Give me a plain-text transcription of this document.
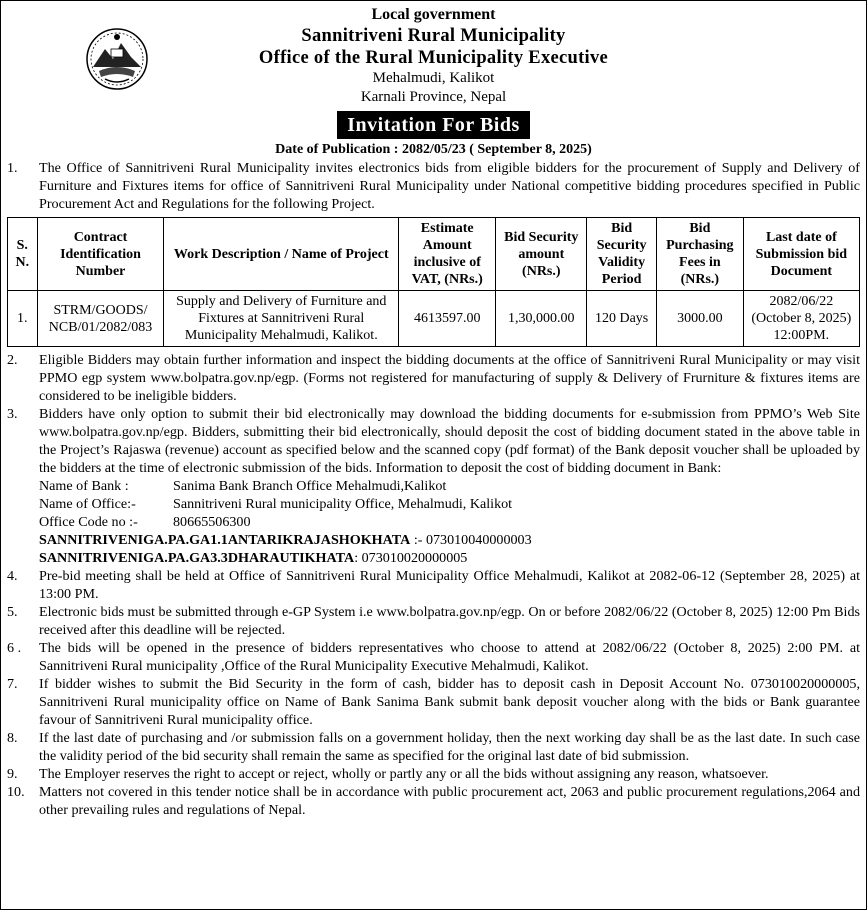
Local government
Sannitriveni Rural Municipality
Office of the Rural Municipality Executive
Mehalmudi, Kalikot
Karnali Province, Nepal
Invitation For Bids
Date of Publication : 2082/05/23 ( September 8, 2025)
1.	The Office of Sannitriveni Rural Municipality invites electronics bids from eligible bidders for the procurement of Supply and Delivery of Furniture and Fixtures items for office of Sannitriveni Rural Municipality under National competitive bidding procedures specified in Public Procurement Act and Regulations for the following Project.
S. N.	Contract Identification Number	Work Description / Name of Project	Estimate Amount inclusive of VAT, (NRs.)	Bid Security amount (NRs.)	Bid Security Validity Period	Bid Purchasing Fees in (NRs.)	Last date of Submission bid Document
1.	STRM/GOODS/ NCB/01/2082/083	Supply and Delivery of Furniture and Fixtures at Sannitriveni Rural Municipality Mehalmudi, Kalikot.	4613597.00	1,30,000.00	120 Days	3000.00	2082/06/22 (October 8, 2025) 12:00PM.
2.	Eligible Bidders may obtain further information and inspect the bidding documents at the office of Sannitriveni Rural Municipality or may visit PPMO egp system www.bolpatra.gov.np/egp. (Forms not registered for manufacturing of supply & Delivery of Frurniture & fixtures items are considered to be ineligible bidders.
3.	Bidders have only option to submit their bid electronically may download the bidding documents for e-submission from PPMO’s Web Site www.bolpatra.gov.np/egp. Bidders, submitting their bid electronically, should deposit the cost of bidding document stated in the above table in the Project’s Rajaswa (revenue) account as specified below and the scanned copy (pdf format) of the Bank deposit voucher shall be uploaded by the bidders at the time of electronic submission of the bids. Information to deposit the cost of bidding document in Bank:
Name of Bank :	Sanima Bank Branch Office Mehalmudi,Kalikot
Name of Office:-	Sannitriveni Rural municipality Office, Mehalmudi, Kalikot
Office Code no :-	80665506300
SANNITRIVENIGA.PA.GA1.1ANTARIKRAJASHOKHATA :- 073010040000003
SANNITRIVENIGA.PA.GA3.3DHARAUTIKHATA : 073010020000005
4.	Pre-bid meeting shall be held at Office of Sannitriveni Rural Municipality Office Mehalmudi, Kalikot at 2082-06-12 (September 28, 2025) at 13:00 PM.
5.	Electronic bids must be submitted through e-GP System i.e www.bolpatra.gov.np/egp. On or before 2082/06/22 (October 8, 2025) 12:00 Pm Bids received after this deadline will be rejected.
6 .	The bids will be opened in the presence of bidders representatives who choose to attend at 2082/06/22 (October 8, 2025) 2:00 PM. at Sannitriveni Rural municipality ,Office of the Rural Municipality Executive Mehalmudi, Kalikot.
7.	If bidder wishes to submit the Bid Security in the form of cash, bidder has to deposit cash in Deposit Account No. 073010020000005, Sannitriveni Rural municipality office on Name of Bank Sanima Bank submit bank deposit voucher along with the bids or Bank guarantee favour of Sannitriveni Rural municipality office.
8.	If the last date of purchasing and /or submission falls on a government holiday, then the next working day shall be as the last date. In such case the validity period of the bid security shall remain the same as specified for the original last date of bid submission.
9.	The Employer reserves the right to accept or reject, wholly or partly any or all the bids without assigning any reason, whatsoever.
10.	Matters not covered in this tender notice shall be in accordance with public procurement act, 2063 and public procurement regulations,2064 and other prevailing rules and regulations of Nepal.
